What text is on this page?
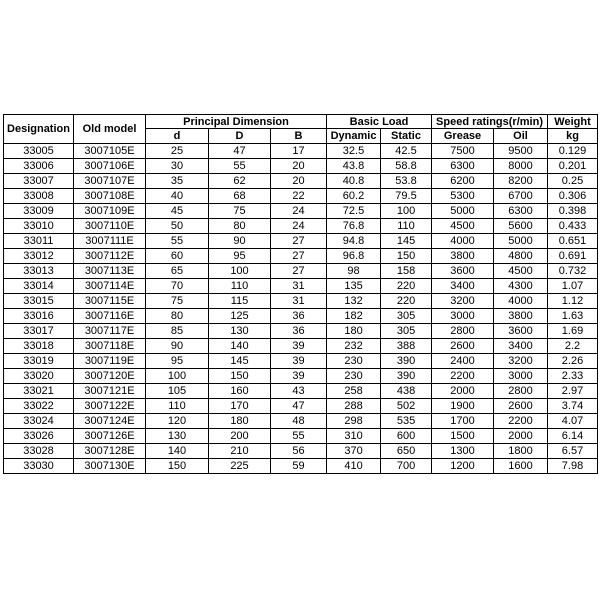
Designation	Old model	Principal Dimension			Basic Load		Speed ratings(r/min)		Weight
		d	D	B	Dynamic	Static	Grease	Oil	kg
33005	3007105E	25	47	17	32.5	42.5	7500	9500	0.129
33006	3007106E	30	55	20	43.8	58.8	6300	8000	0.201
33007	3007107E	35	62	20	40.8	53.8	6200	8200	0.25
33008	3007108E	40	68	22	60.2	79.5	5300	6700	0.306
33009	3007109E	45	75	24	72.5	100	5000	6300	0.398
33010	3007110E	50	80	24	76.8	110	4500	5600	0.433
33011	3007111E	55	90	27	94.8	145	4000	5000	0.651
33012	3007112E	60	95	27	96.8	150	3800	4800	0.691
33013	3007113E	65	100	27	98	158	3600	4500	0.732
33014	3007114E	70	110	31	135	220	3400	4300	1.07
33015	3007115E	75	115	31	132	220	3200	4000	1.12
33016	3007116E	80	125	36	182	305	3000	3800	1.63
33017	3007117E	85	130	36	180	305	2800	3600	1.69
33018	3007118E	90	140	39	232	388	2600	3400	2.2
33019	3007119E	95	145	39	230	390	2400	3200	2.26
33020	3007120E	100	150	39	230	390	2200	3000	2.33
33021	3007121E	105	160	43	258	438	2000	2800	2.97
33022	3007122E	110	170	47	288	502	1900	2600	3.74
33024	3007124E	120	180	48	298	535	1700	2200	4.07
33026	3007126E	130	200	55	310	600	1500	2000	6.14
33028	3007128E	140	210	56	370	650	1300	1800	6.57
33030	3007130E	150	225	59	410	700	1200	1600	7.98
